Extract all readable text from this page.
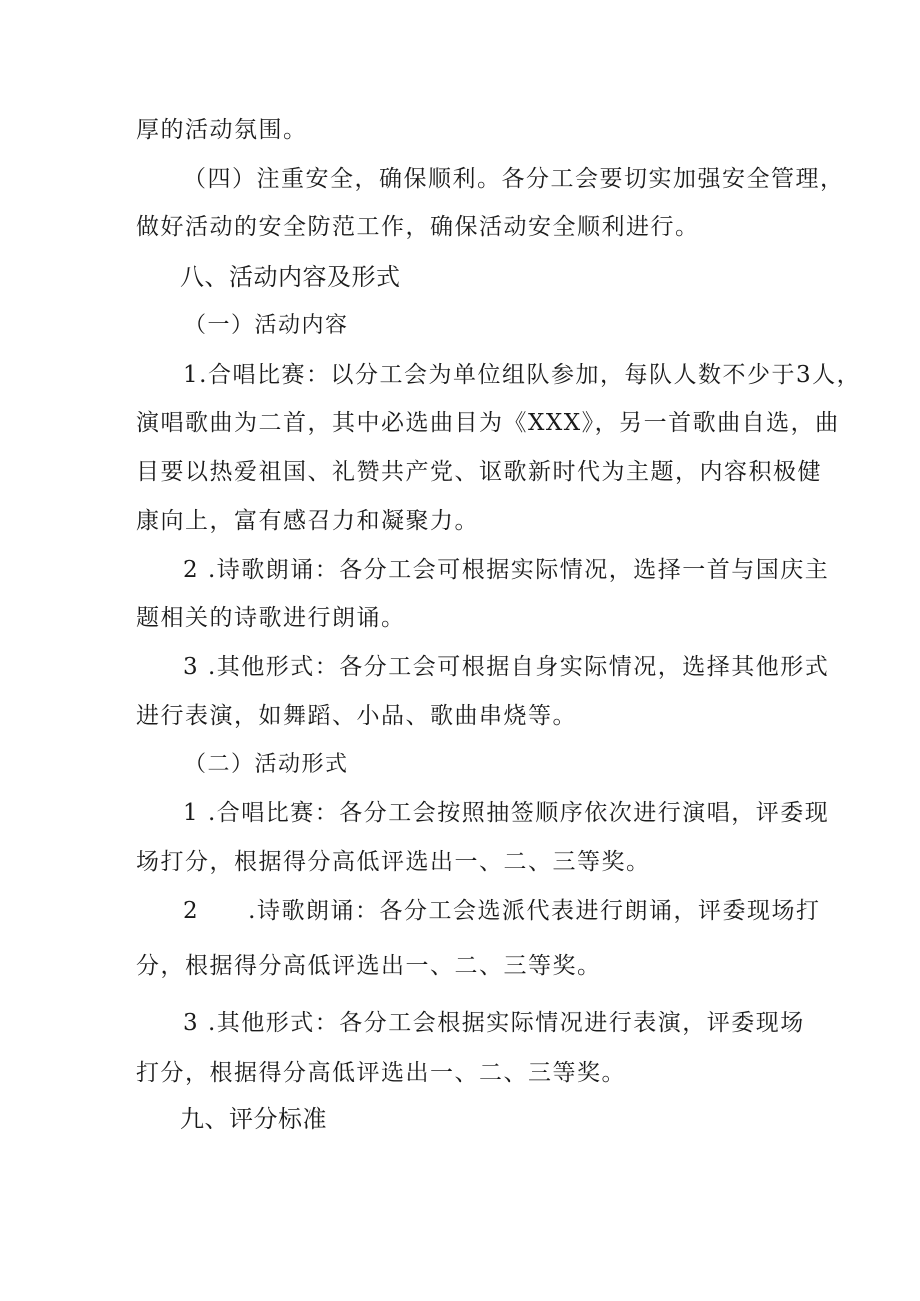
厚的活动氛围。
（四）注重安全，确保顺利。各分工会要切实加强安全管理，
做好活动的安全防范工作，确保活动安全顺利进行。
八、活动内容及形式
（一）活动内容
1.合唱比赛：以分工会为单位组队参加，每队人数不少于3人，
演唱歌曲为二首，其中必选曲目为《XXX》，另一首歌曲自选，曲
目要以热爱祖国、礼赞共产党、讴歌新时代为主题，内容积极健
康向上，富有感召力和凝聚力。
2 .诗歌朗诵：各分工会可根据实际情况，选择一首与国庆主
题相关的诗歌进行朗诵。
3 .其他形式：各分工会可根据自身实际情况，选择其他形式
进行表演，如舞蹈、小品、歌曲串烧等。
（二）活动形式
1 .合唱比赛：各分工会按照抽签顺序依次进行演唱，评委现
场打分，根据得分高低评选出一、二、三等奖。
2　　.诗歌朗诵：各分工会选派代表进行朗诵，评委现场打
分，根据得分高低评选出一、二、三等奖。
3 .其他形式：各分工会根据实际情况进行表演，评委现场
打分，根据得分高低评选出一、二、三等奖。
九、评分标准
